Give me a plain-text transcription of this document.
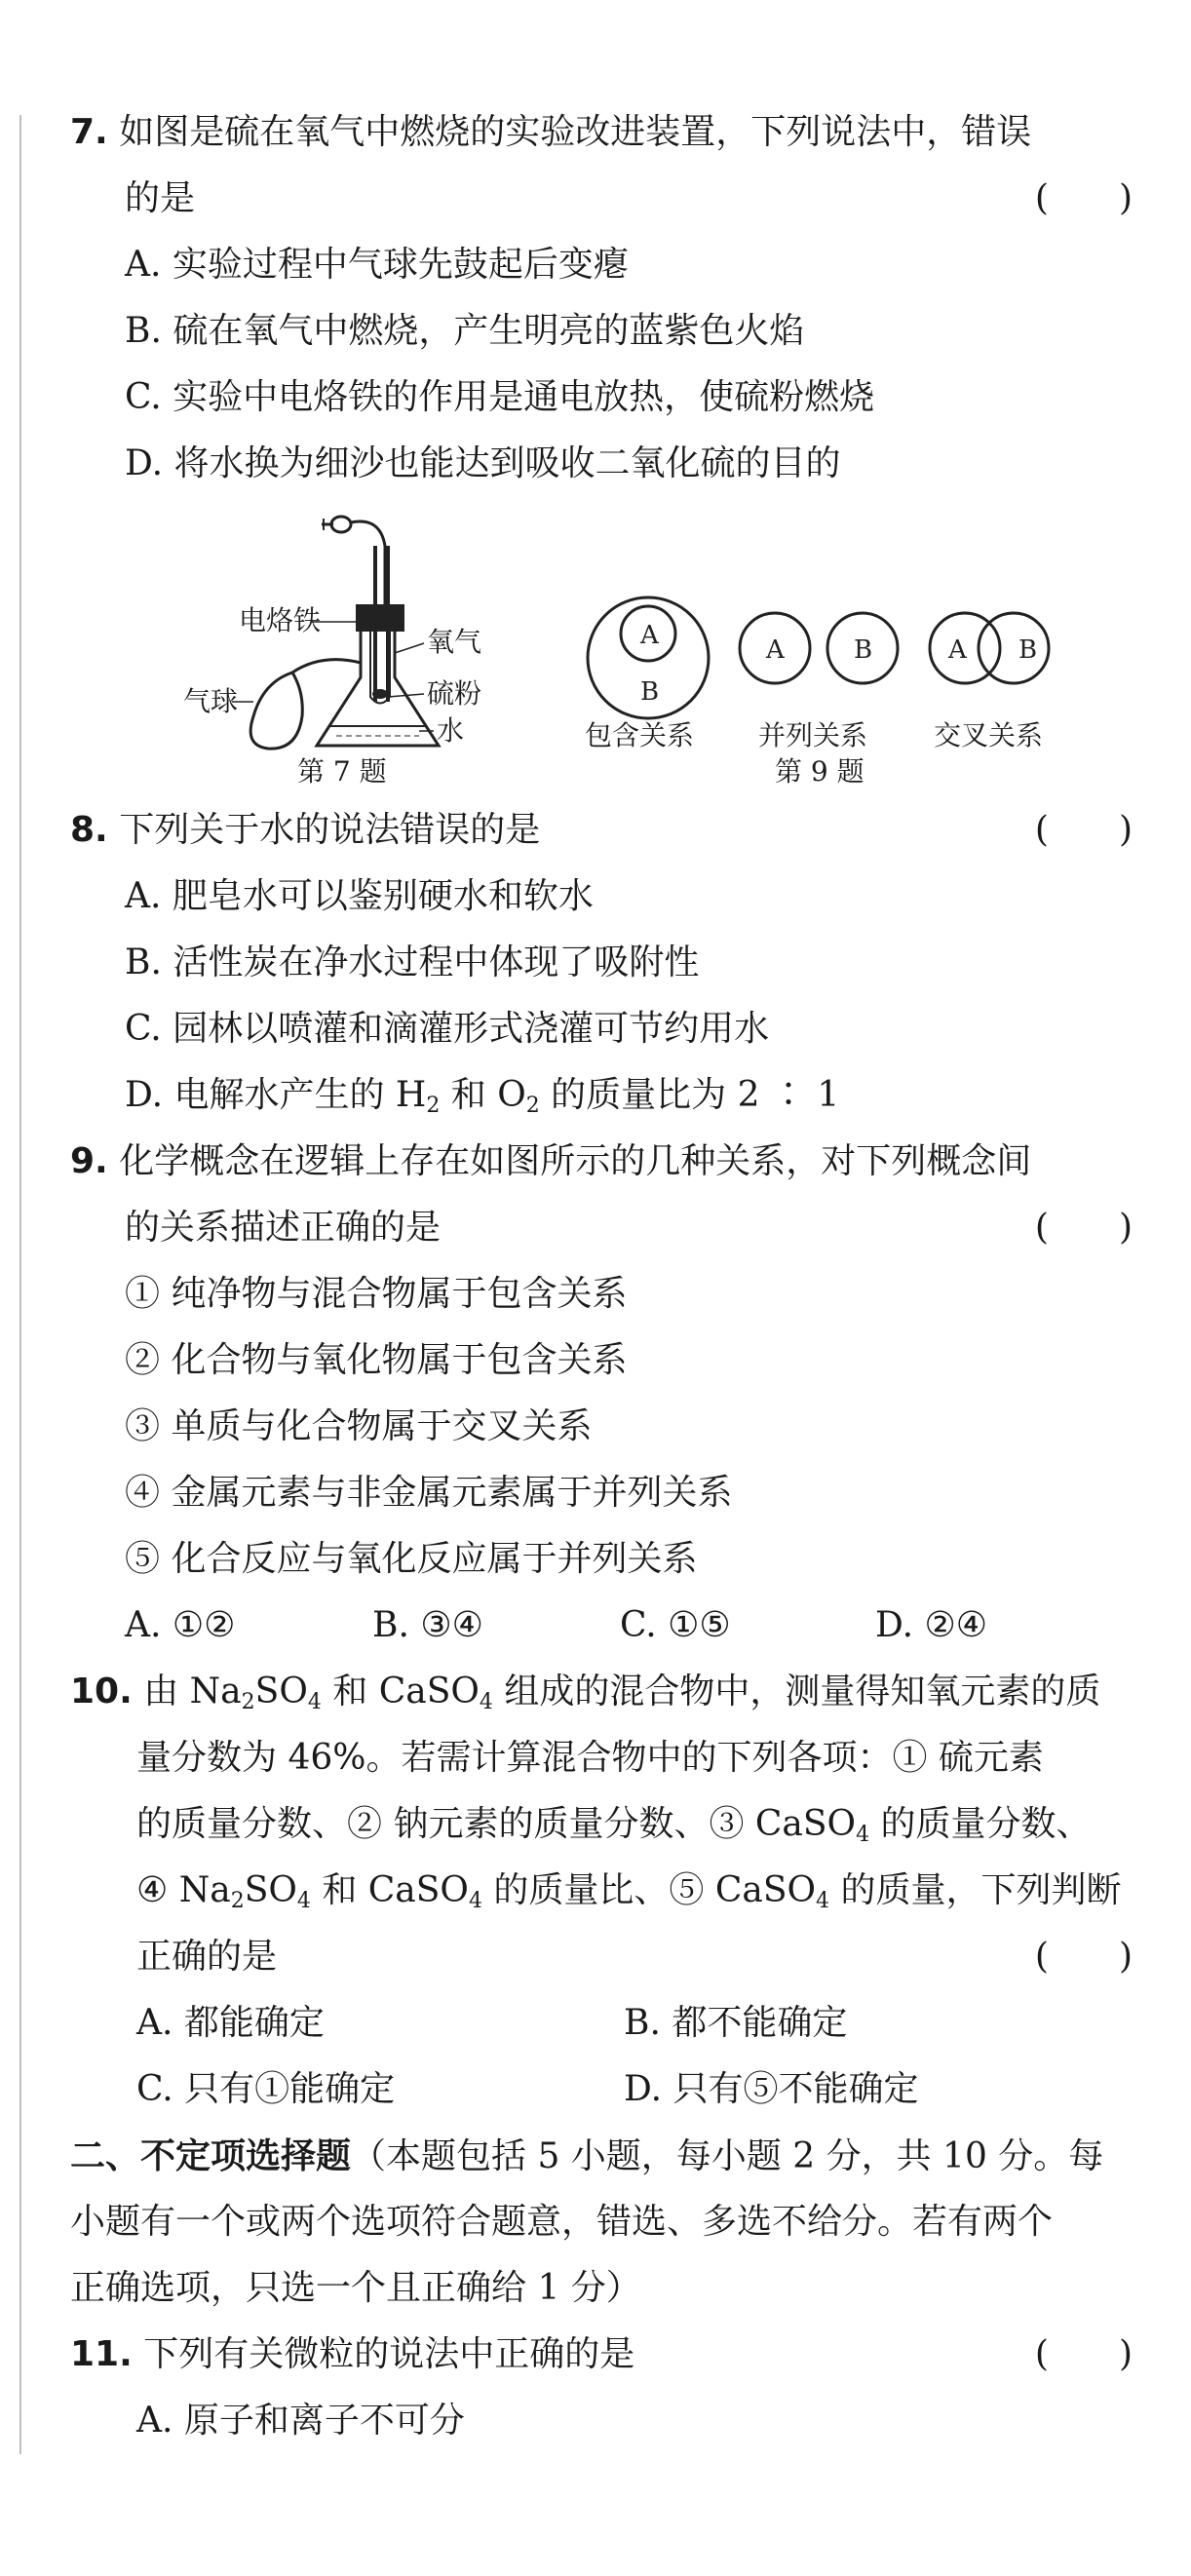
7. 如图是硫在氧气中燃烧的实验改进装置，下列说法中，错误
的是	(　　)
A. 实验过程中气球先鼓起后变瘪
B. 硫在氧气中燃烧，产生明亮的蓝紫色火焰
C. 实验中电烙铁的作用是通电放热，使硫粉燃烧
D. 将水换为细沙也能达到吸收二氧化硫的目的
电烙铁
氧气
气球	硫粉
水
第 7 题
A
B
A	B	A B
包含关系 并列关系 交叉关系
第 9 题
8. 下列关于水的说法错误的是	(　　)
A. 肥皂水可以鉴别硬水和软水
B. 活性炭在净水过程中体现了吸附性
C. 园林以喷灌和滴灌形式浇灌可节约用水
D. 电解水产生的 $H_2$ 和 $O_2$ 的质量比为 2 ∶ 1
9. 化学概念在逻辑上存在如图所示的几种关系，对下列概念间
的关系描述正确的是	(　　)
① 纯净物与混合物属于包含关系
② 化合物与氧化物属于包含关系
③ 单质与化合物属于交叉关系
④ 金属元素与非金属元素属于并列关系
⑤ 化合反应与氧化反应属于并列关系
A. ①②	B. ③④	C. ①⑤	D. ②④
10. 由 $Na_2SO_4$ 和 CaSO$_4$ 组成的混合物中，测量得知氧元素的质
量分数为 46%。若需计算混合物中的下列各项：① 硫元素
的质量分数、② 钠元素的质量分数、③ CaSO$_4$ 的质量分数、
④ $Na_2SO_4$ 和 CaSO$_4$ 的质量比、⑤ CaSO$_4$ 的质量，下列判断
正确的是	(　　)
A. 都能确定	B. 都不能确定
C. 只有①能确定	D. 只有⑤不能确定
二、不定项选择题（本题包括 5 小题，每小题 2 分，共 10 分。每
小题有一个或两个选项符合题意，错选、多选不给分。若有两个
正确选项，只选一个且正确给 1 分）
11. 下列有关微粒的说法中正确的是	(　　)
A. 原子和离子不可分
